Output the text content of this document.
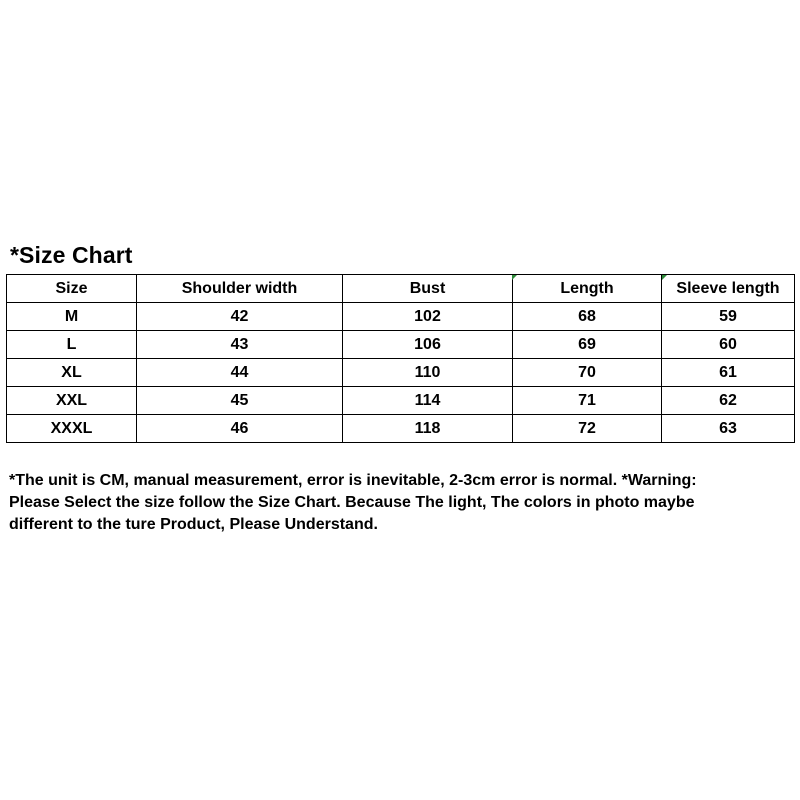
*Size Chart
Size	Shoulder width	Bust	Length	Sleeve length
M	42	102	68	59
L	43	106	69	60
XL	44	110	70	61
XXL	45	114	71	62
XXXL	46	118	72	63

*The unit is CM, manual measurement, error is inevitable, 2-3cm error is normal. *Warning:

Please Select the size follow the Size Chart. Because The light, The colors in photo maybe

different to the ture Product, Please Understand.
